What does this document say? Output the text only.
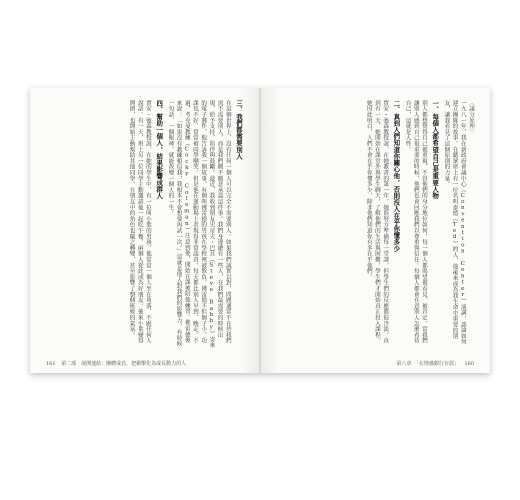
三、我們都需要別人

在這個世界上，沒有任何一個人可以完全不需要別人。如果我們誠實以對，問題通常不在於我們需不需要別人，而是我們願不願意承認這件事。我們身邊總有一些人，在我們最需要的時候出現，給予支持、陪伴與鼓勵。最近，我收到朋友史帝夫・巴貝（Steve Babby）寄來的電子郵件，他告訴我一個故事，有個叫佛雷德的男孩在學校裡被欺負。佛雷德不但個子小，功課也不好，常常被同學嘲笑。但是他在運動場上表現得非常認真，每天都比別人早到、晚走。不過，考克曼教練（Cocky Coleman）注意到他，開始在課後陪他練習。佛雷德後來說：「如果沒有教練相信我，我根本不會想要再試一次。」這就是他人對我們的影響力，有時候一句話、一個眼神，就能改變一個人的一生。

四、幫助一個人，結果影響成群人

賈安・強森教授說，在她的學生中，有一位叫小葉的男孩，他常常一個人坐在角落，不跟任何人說話。有一天，班上另一位同學主動邀請他一起吃午餐，兩個人從此成為好朋友。後來小葉變得開朗，也開始主動幫助其他同學。在朋友中的角色也隨之轉變，甚至影響了整個班級的氣氛。

161 第二部　展開連結：團體成員，把衝擊化為成長動力的人

〈議分原理〉

一九八一年，我在新政府會議中心（Convention Center）演講，談論如何建立團隊的故事。在聽眾席上有一位名叫泰德（Ted）的人，他後來成為我生命中重要的朋友，讓我看見了這個原則的力量。

一、每個人都希望自己是重要人物

別人都想覺得自己被重視，不管他們的身分地位如何，每一個人都渴望被看見、被肯定。當我們讓別人感到自己很重要的時候，他們也會回應我們以尊重與信任。每個人都會在意別人怎麼看待自己，這就是人性。

二、真到人們知道你關心他，否則沒人在乎你懂多少

賈安・強森教授說，在她教書的第一年，她很努力準備每一堂課，但學生們的反應都很冷淡。直到有一天，她開始在課堂外與學生聊天，了解他們的生活與困難，學生們才開始真正投入課程。她因此明白，人們不會在乎你懂多少，除非他們知道你有多在乎他們。

第八章　「在情感銀行存款」 160
